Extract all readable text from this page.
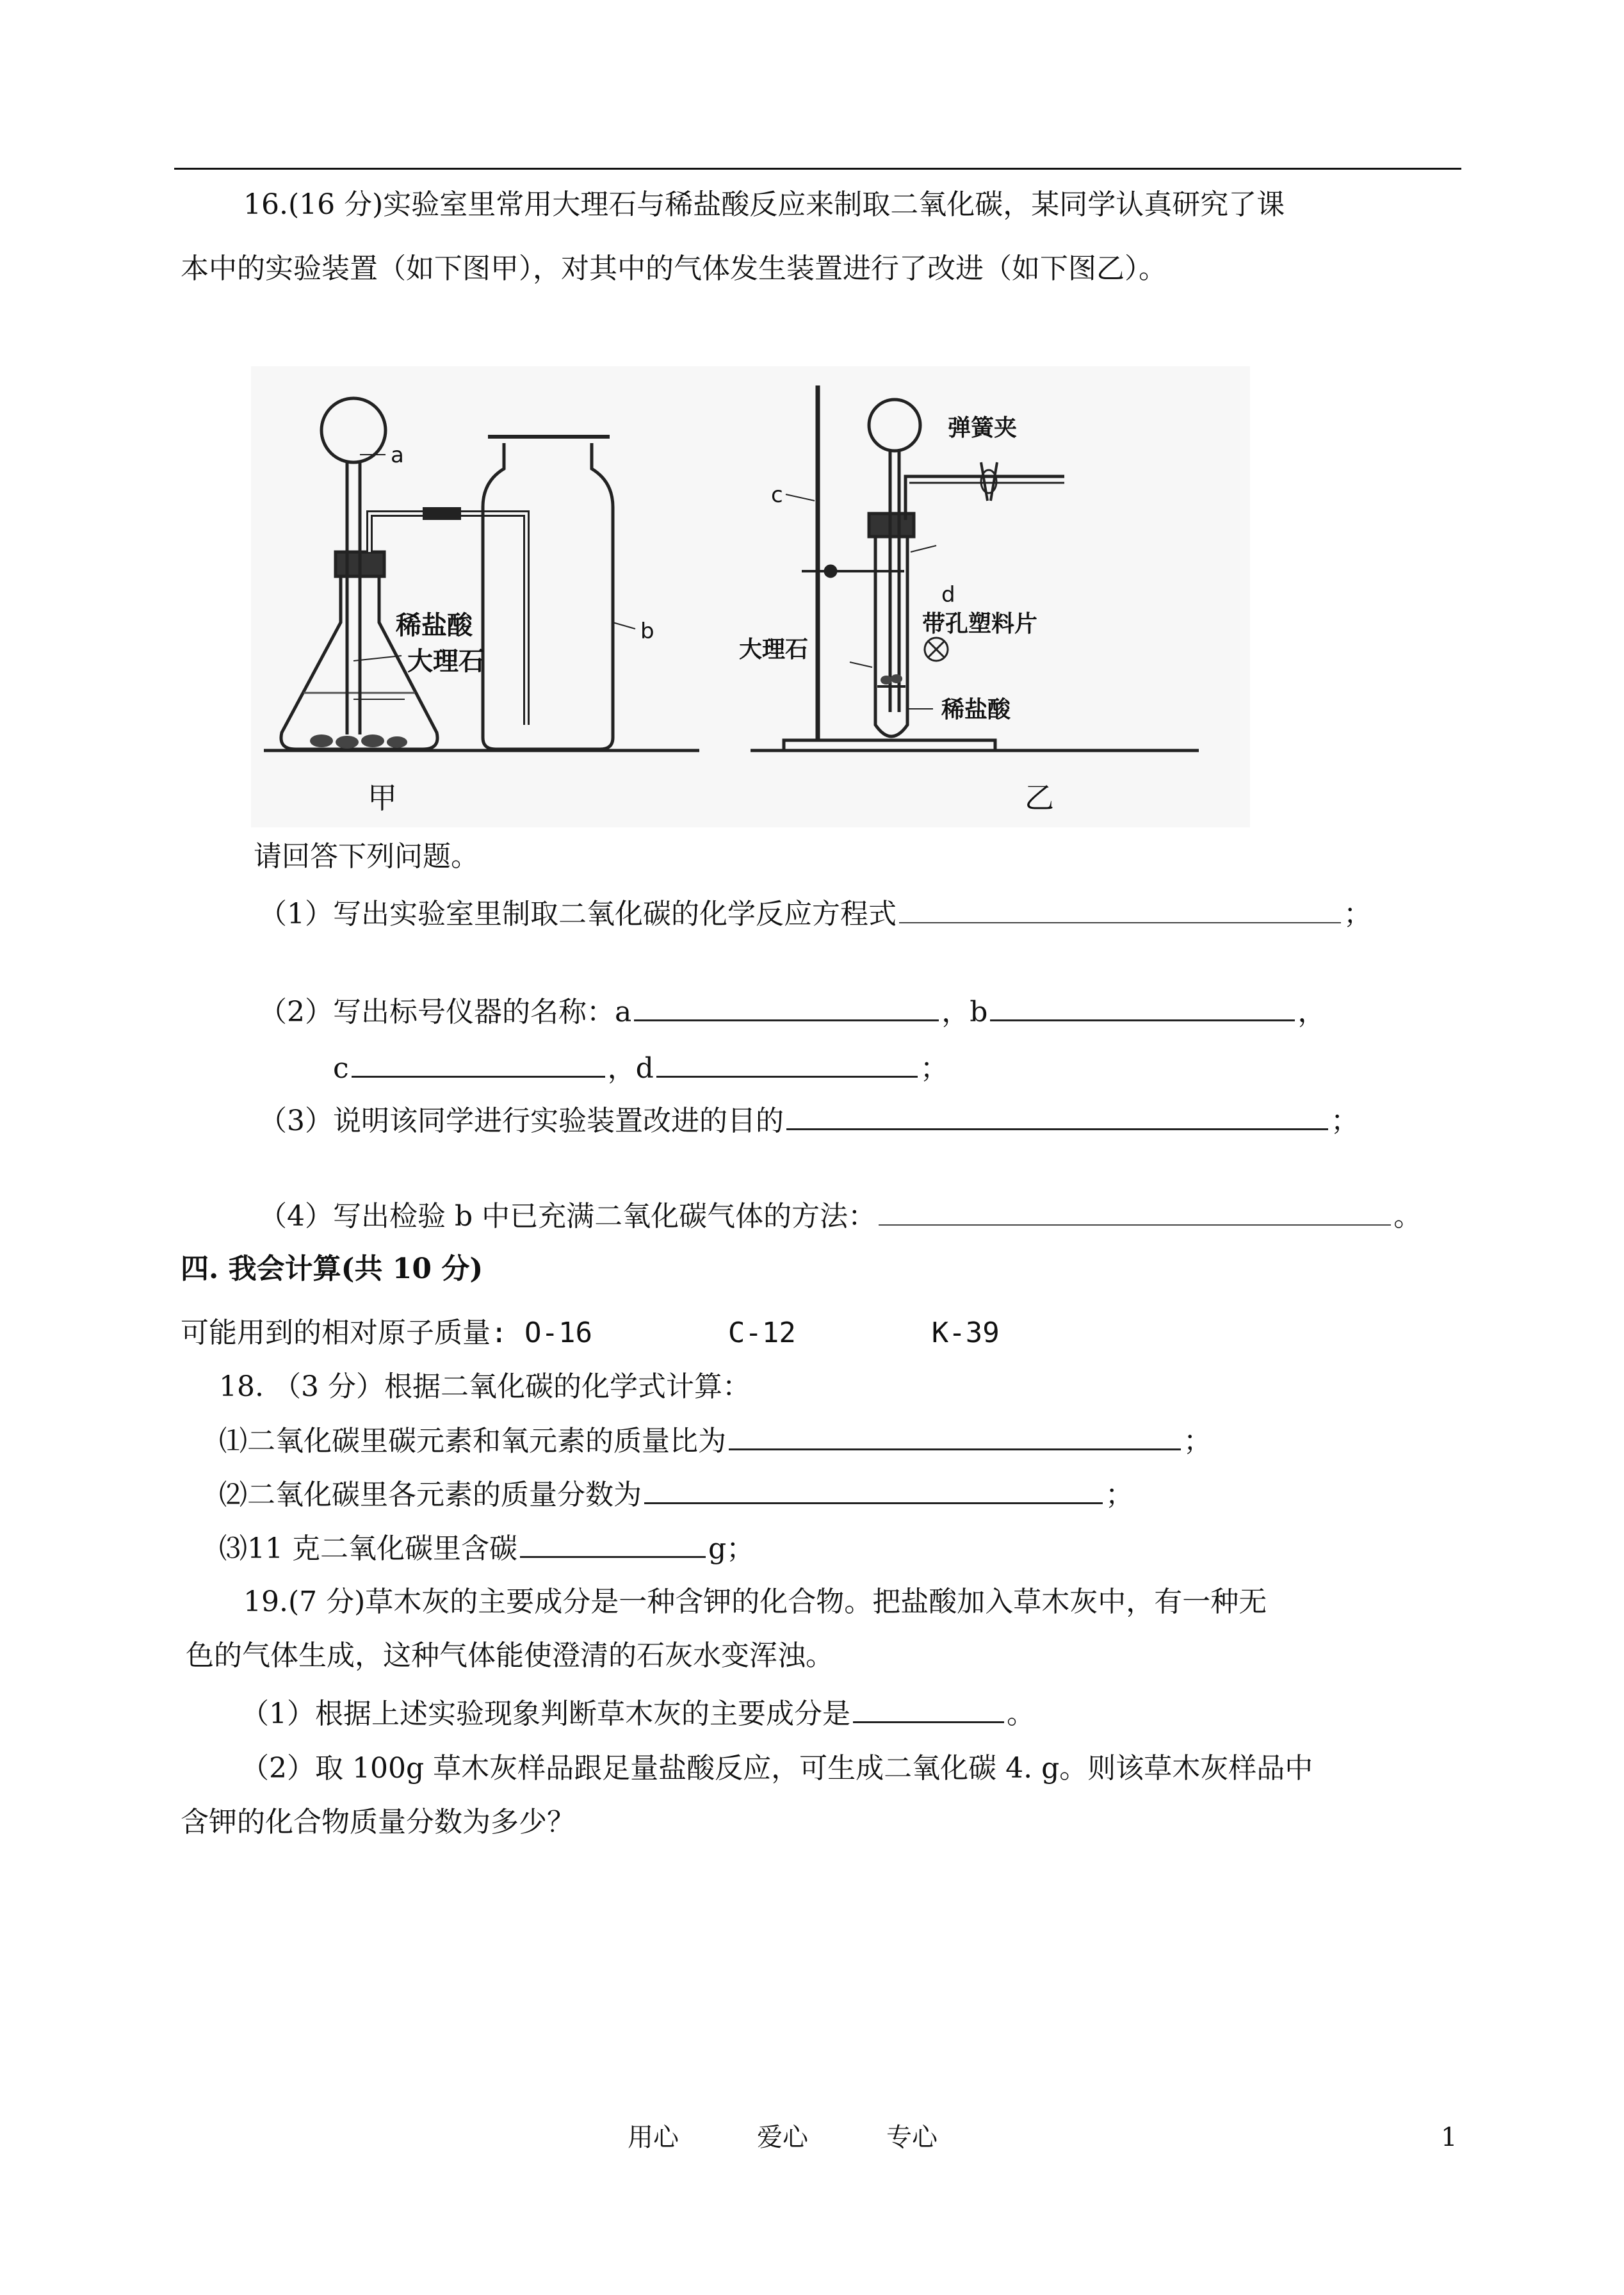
16.(16 分)实验室里常用大理石与稀盐酸反应来制取二氧化碳，某同学认真研究了课
本中的实验装置（如下图甲），对其中的气体发生装置进行了改进（如下图乙）。
a
b
稀盐酸
大理石
甲
弹簧夹
c
d
带孔塑料片
大理石
稀盐酸
乙
请回答下列问题。
（1）写出实验室里制取二氧化碳的化学反应方程式	；
（2）写出标号仪器的名称：a	，b	，
c	，d	；
（3）说明该同学进行实验装置改进的目的	；
（4）写出检验 b 中已充满二氧化碳气体的方法：	。
四. 我会计算(共 10 分)
可能用到的相对原子质量: O-16        C-12        K-39
18. （3 分）根据二氧化碳的化学式计算：
⑴二氧化碳里碳元素和氧元素的质量比为	；
⑵二氧化碳里各元素的质量分数为	；
⑶11 克二氧化碳里含碳	g；
19.(7 分)草木灰的主要成分是一种含钾的化合物。把盐酸加入草木灰中，有一种无
色的气体生成，这种气体能使澄清的石灰水变浑浊。
（1）根据上述实验现象判断草木灰的主要成分是	。
（2）取 100g 草木灰样品跟足量盐酸反应，可生成二氧化碳 4. g。则该草木灰样品中
含钾的化合物质量分数为多少？
用心	爱心	专心	1
